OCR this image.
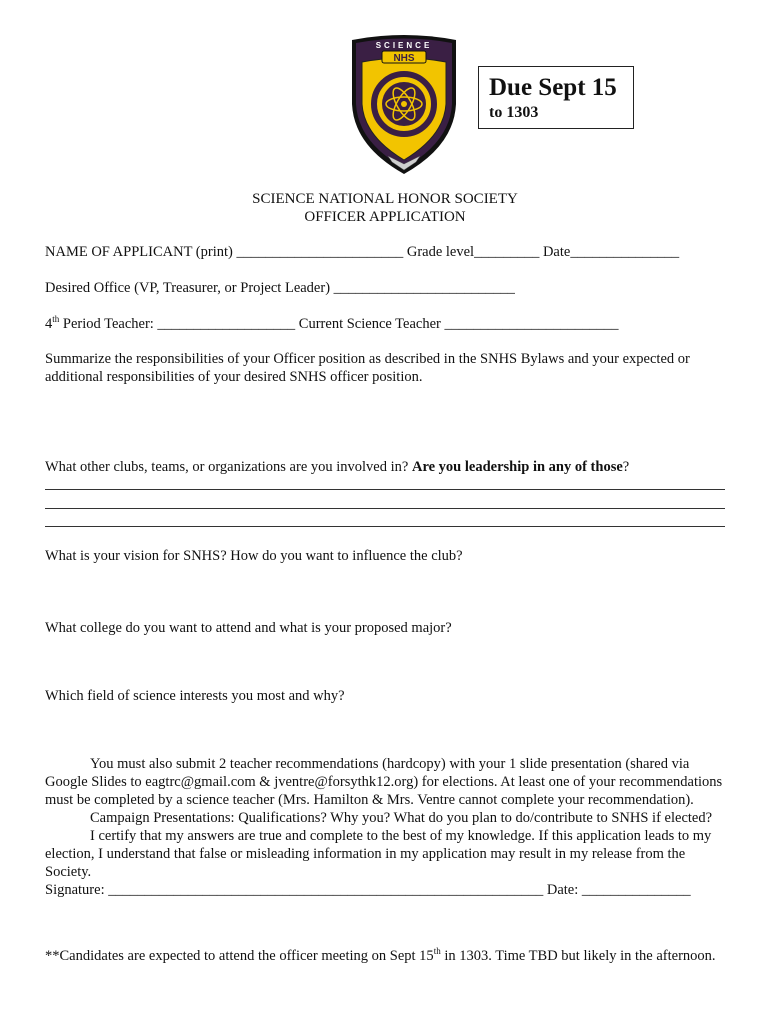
NHS
SCIENCE
Due Sept 15
to 1303
SCIENCE NATIONAL HONOR SOCIETY
OFFICER APPLICATION
NAME OF APPLICANT (print) _______________________ Grade level_________ Date_______________
Desired Office (VP, Treasurer, or Project Leader) _________________________
4th Period Teacher: ___________________ Current Science Teacher ________________________
Summarize the responsibilities of your Officer position as described in the SNHS Bylaws and your expected or additional responsibilities of your desired SNHS officer position.
What other clubs, teams, or organizations are you involved in? Are you leadership in any of those?
What is your vision for SNHS? How do you want to influence the club?
What college do you want to attend and what is your proposed major?
Which field of science interests you most and why?
You must also submit 2 teacher recommendations (hardcopy) with your 1 slide presentation (shared via Google Slides to eagtrc@gmail.com & jventre@forsythk12.org) for elections. At least one of your recommendations must be completed by a science teacher (Mrs. Hamilton & Mrs. Ventre cannot complete your recommendation).
Campaign Presentations: Qualifications? Why you? What do you plan to do/contribute to SNHS if elected?
I certify that my answers are true and complete to the best of my knowledge. If this application leads to my election, I understand that false or misleading information in my application may result in my release from the Society.
Signature: ____________________________________________________________ Date: _______________
**Candidates are expected to attend the officer meeting on Sept 15th in 1303. Time TBD but likely in the afternoon.
